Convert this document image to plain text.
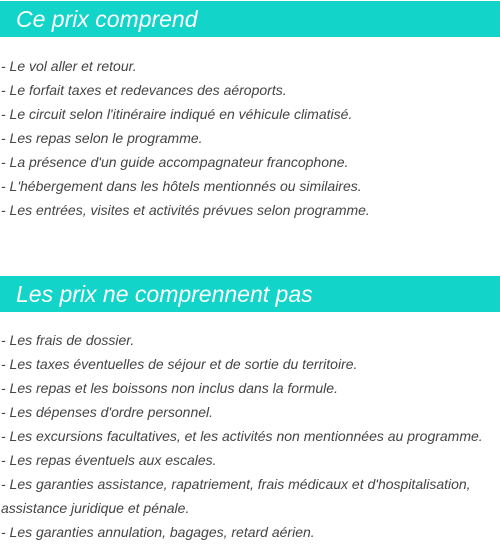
Ce prix comprend
- Le vol aller et retour.
- Le forfait taxes et redevances des aéroports.
- Le circuit selon l'itinéraire indiqué en véhicule climatisé.
- Les repas selon le programme.
- La présence d'un guide accompagnateur francophone.
- L'hébergement dans les hôtels mentionnés ou similaires.
- Les entrées, visites et activités prévues selon programme.
Les prix ne comprennent pas
- Les frais de dossier.
- Les taxes éventuelles de séjour et de sortie du territoire.
- Les repas et les boissons non inclus dans la formule.
- Les dépenses d'ordre personnel.
- Les excursions facultatives, et les activités non mentionnées au programme.
- Les repas éventuels aux escales.
- Les garanties assistance, rapatriement, frais médicaux et d'hospitalisation, assistance juridique et pénale.
- Les garanties annulation, bagages, retard aérien.
